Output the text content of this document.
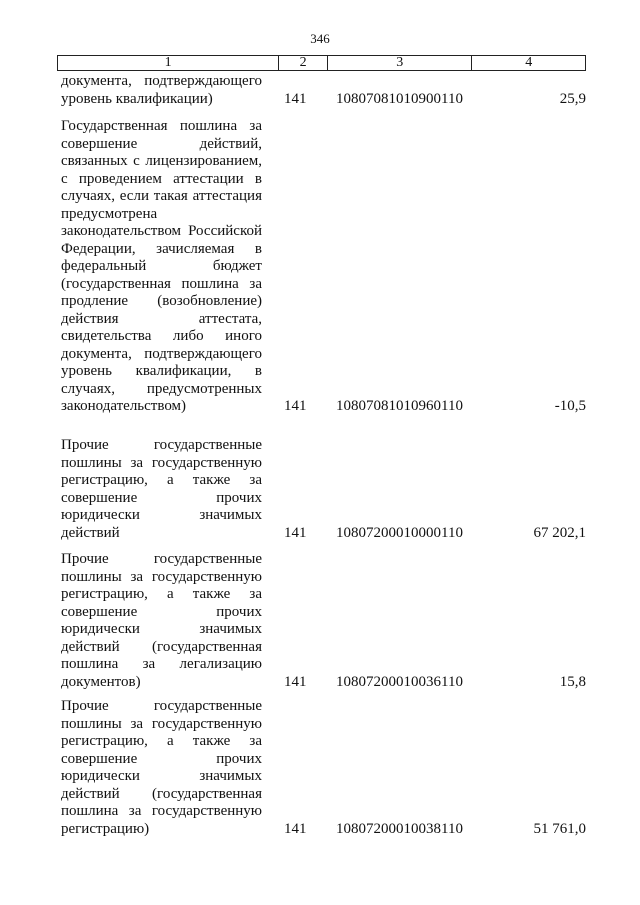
346
1	2	3	4
документа, подтверждающего
уровень квалификации)	141	10807081010900110	25,9
Государственная пошлина за
совершение действий,
связанных с лицензированием,
с проведением аттестации в
случаях, если такая аттестация
предусмотрена
законодательством Российской
Федерации, зачисляемая в
федеральный бюджет
(государственная пошлина за
продление (возобновление)
действия аттестата,
свидетельства либо иного
документа, подтверждающего
уровень квалификации, в
случаях, предусмотренных
законодательством)	141	10807081010960110	-10,5
Прочие государственные
пошлины за государственную
регистрацию, а также за
совершение прочих
юридически значимых
действий	141	10807200010000110	67 202,1
Прочие государственные
пошлины за государственную
регистрацию, а также за
совершение прочих
юридически значимых
действий (государственная
пошлина за легализацию
документов)	141	10807200010036110	15,8
Прочие государственные
пошлины за государственную
регистрацию, а также за
совершение прочих
юридически значимых
действий (государственная
пошлина за государственную
регистрацию)	141	10807200010038110	51 761,0
